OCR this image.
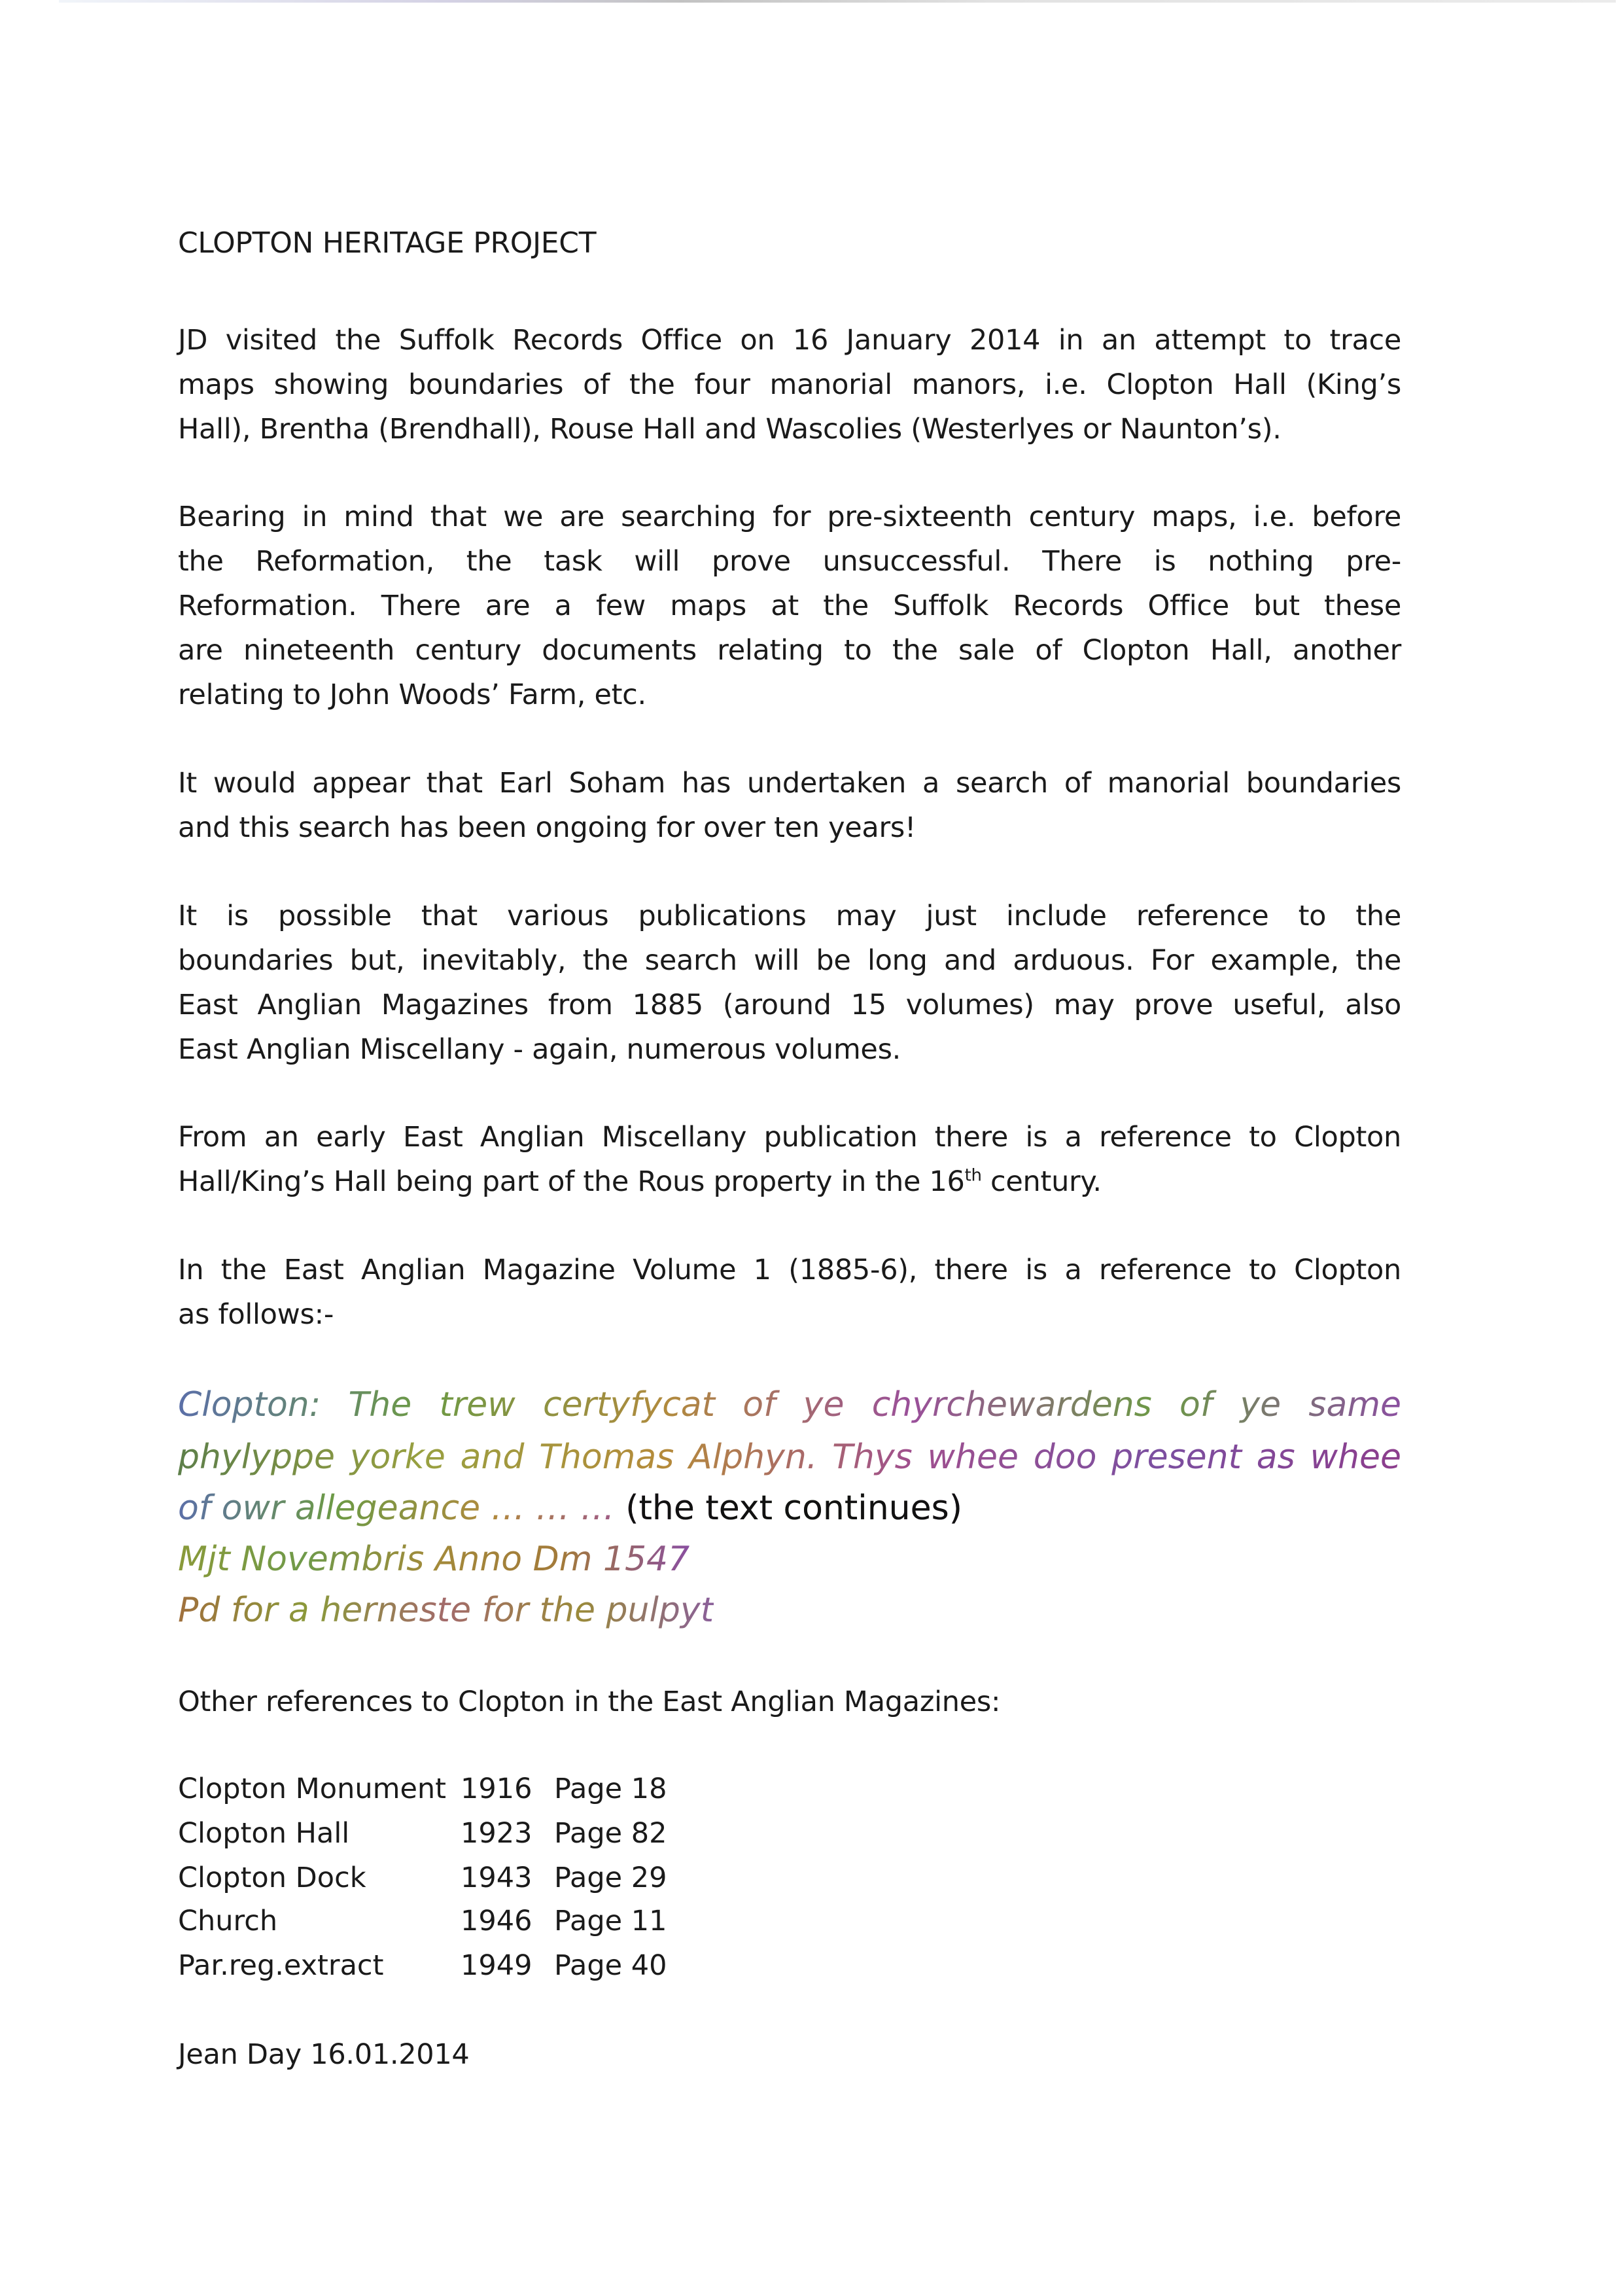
CLOPTON HERITAGE PROJECT
JD visited the Suffolk Records Office on 16 January 2014 in an attempt to trace
maps showing boundaries of the four manorial manors, i.e. Clopton Hall (King’s
Hall), Brentha (Brendhall), Rouse Hall and Wascolies (Westerlyes or Naunton’s).
Bearing in mind that we are searching for pre-sixteenth century maps, i.e. before
the Reformation, the task will prove unsuccessful. There is nothing pre-
Reformation. There are a few maps at the Suffolk Records Office but these
are nineteenth century documents relating to the sale of Clopton Hall, another
relating to John Woods’ Farm, etc.
It would appear that Earl Soham has undertaken a search of manorial boundaries
and this search has been ongoing for over ten years!
It is possible that various publications may just include reference to the
boundaries but, inevitably, the search will be long and arduous. For example, the
East Anglian Magazines from 1885 (around 15 volumes) may prove useful, also
East Anglian Miscellany - again, numerous volumes.
From an early East Anglian Miscellany publication there is a reference to Clopton
Hall/King’s Hall being part of the Rous property in the 16th century.
In the East Anglian Magazine Volume 1 (1885-6), there is a reference to Clopton
as follows:-
Clopton: The trew certyfycat of ye chyrchewardens of ye same
phylyppe yorke and Thomas Alphyn. Thys whee doo present as whee
of owr allegeance … … … (the text continues)
Mjt Novembris Anno Dm 1547
Pd for a herneste for the pulpyt
Other references to Clopton in the East Anglian Magazines:
Clopton Monument 1916 Page 18
Clopton Hall	1923 Page 82
Clopton Dock	1943 Page 29
Church	1946 Page 11
Par.reg.extract	1949 Page 40
Jean Day 16.01.2014
